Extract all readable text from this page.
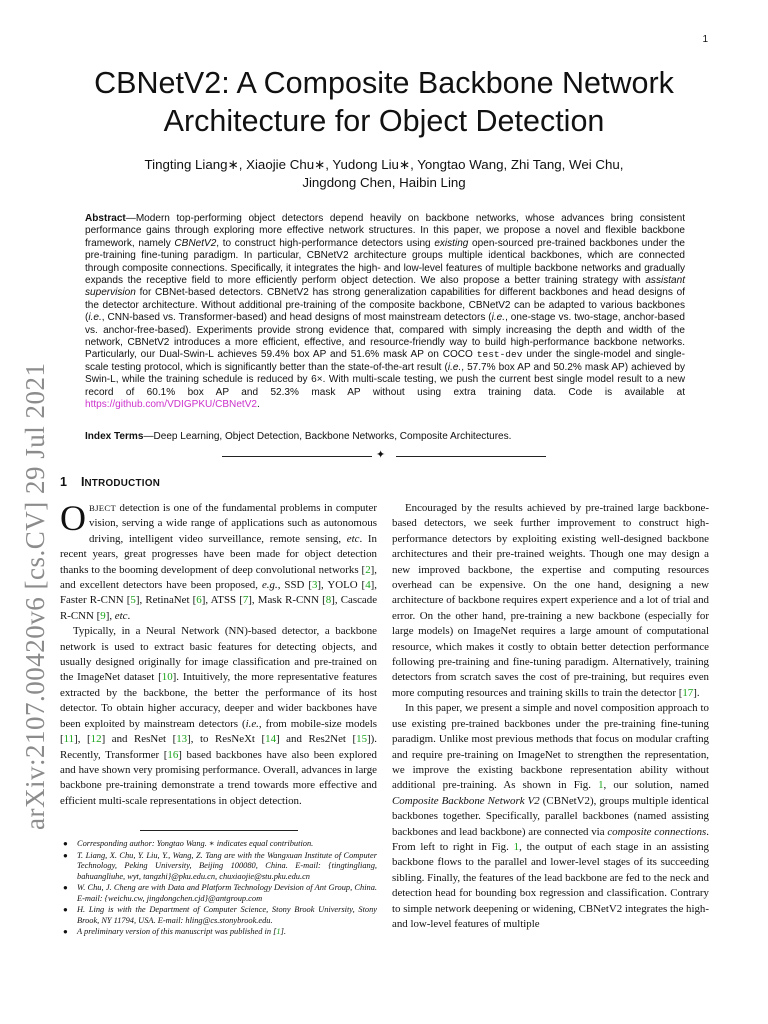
1
arXiv:2107.00420v6 [cs.CV] 29 Jul 2021
CBNetV2: A Composite Backbone Network
Architecture for Object Detection
Tingting Liang∗, Xiaojie Chu∗, Yudong Liu∗, Yongtao Wang, Zhi Tang, Wei Chu,
Jingdong Chen, Haibin Ling
Abstract—Modern top-performing object detectors depend heavily on backbone networks, whose advances bring consistent performance gains through exploring more effective network structures. In this paper, we propose a novel and flexible backbone framework, namely CBNetV2, to construct high-performance detectors using existing open-sourced pre-trained backbones under the pre-training fine-tuning paradigm. In particular, CBNetV2 architecture groups multiple identical backbones, which are connected through composite connections. Specifically, it integrates the high- and low-level features of multiple backbone networks and gradually expands the receptive field to more efficiently perform object detection. We also propose a better training strategy with assistant supervision for CBNet-based detectors. CBNetV2 has strong generalization capabilities for different backbones and head designs of the detector architecture. Without additional pre-training of the composite backbone, CBNetV2 can be adapted to various backbones (i.e., CNN-based vs. Transformer-based) and head designs of most mainstream detectors (i.e., one-stage vs. two-stage, anchor-based vs. anchor-free-based). Experiments provide strong evidence that, compared with simply increasing the depth and width of the network, CBNetV2 introduces a more efficient, effective, and resource-friendly way to build high-performance backbone networks. Particularly, our Dual-Swin-L achieves 59.4% box AP and 51.6% mask AP on COCO test-dev under the single-model and single-scale testing protocol, which is significantly better than the state-of-the-art result (i.e., 57.7% box AP and 50.2% mask AP) achieved by Swin-L, while the training schedule is reduced by 6×. With multi-scale testing, we push the current best single model result to a new record of 60.1% box AP and 52.3% mask AP without using extra training data. Code is available at https://github.com/VDIGPKU/CBNetV2.
Index Terms—Deep Learning, Object Detection, Backbone Networks, Composite Architectures.
✦
1 INTRODUCTION

OBJECT detection is one of the fundamental problems in computer vision, serving a wide range of applications such as autonomous driving, intelligent video surveillance, remote sensing, etc. In recent years, great progresses have been made for object detection thanks to the booming development of deep convolutional networks [2], and excellent detectors have been proposed, e.g., SSD [3], YOLO [4], Faster R-CNN [5], RetinaNet [6], ATSS [7], Mask R-CNN [8], Cascade R-CNN [9], etc.

Typically, in a Neural Network (NN)-based detector, a backbone network is used to extract basic features for detecting objects, and usually designed originally for image classification and pre-trained on the ImageNet dataset [10]. Intuitively, the more representative features extracted by the backbone, the better the performance of its host detector. To obtain higher accuracy, deeper and wider backbones have been exploited by mainstream detectors (i.e., from mobile-size models [11], [12] and ResNet [13], to ResNeXt [14] and Res2Net [15]). Recently, Transformer [16] based backbones have also been explored and have shown very promising performance. Overall, advances in large backbone pre-training demonstrate a trend towards more effective and efficient multi-scale representations in object detection.

● Corresponding author: Yongtao Wang. ∗ indicates equal contribution.
● T. Liang, X. Chu, Y. Liu, Y., Wang, Z. Tang are with the Wangxuan Institute of Computer Technology, Peking University, Beijing 100080, China. E-mail: {tingtingliang, bahuangliuhe, wyt, tangzhi}@pku.edu.cn, chuxiaojie@stu.pku.edu.cn
● W. Chu, J. Cheng are with Data and Platform Technology Devision of Ant Group, China. E-mail: {weichu.cw, jingdongchen.cjd}@antgroup.com
● H. Ling is with the Department of Computer Science, Stony Brook University, Stony Brook, NY 11794, USA. E-mail: hling@cs.stonybrook.edu.
● A preliminary version of this manuscript was published in [1].

Encouraged by the results achieved by pre-trained large backbone-based detectors, we seek further improvement to construct high-performance detectors by exploiting existing well-designed backbone architectures and their pre-trained weights. Though one may design a new improved backbone, the expertise and computing resources overhead can be expensive. On the one hand, designing a new architecture of backbone requires expert experience and a lot of trial and error. On the other hand, pre-training a new backbone (especially for large models) on ImageNet requires a large amount of computational resource, which makes it costly to obtain better detection performance following pre-training and fine-tuning paradigm. Alternatively, training detectors from scratch saves the cost of pre-training, but requires even more computing resources and training skills to train the detector [17].

In this paper, we present a simple and novel composition approach to use existing pre-trained backbones under the pre-training fine-tuning paradigm. Unlike most previous methods that focus on modular crafting and require pre-training on ImageNet to strengthen the representation, we improve the existing backbone representation ability without additional pre-training. As shown in Fig. 1, our solution, named Composite Backbone Network V2 (CBNetV2), groups multiple identical backbones together. Specifically, parallel backbones (named assisting backbones and lead backbone) are connected via composite connections. From left to right in Fig. 1, the output of each stage in an assisting backbone flows to the parallel and lower-level stages of its succeeding sibling. Finally, the features of the lead backbone are fed to the neck and detection head for bounding box regression and classification. Contrary to simple network deepening or widening, CBNetV2 integrates the high- and low-level features of multiple
